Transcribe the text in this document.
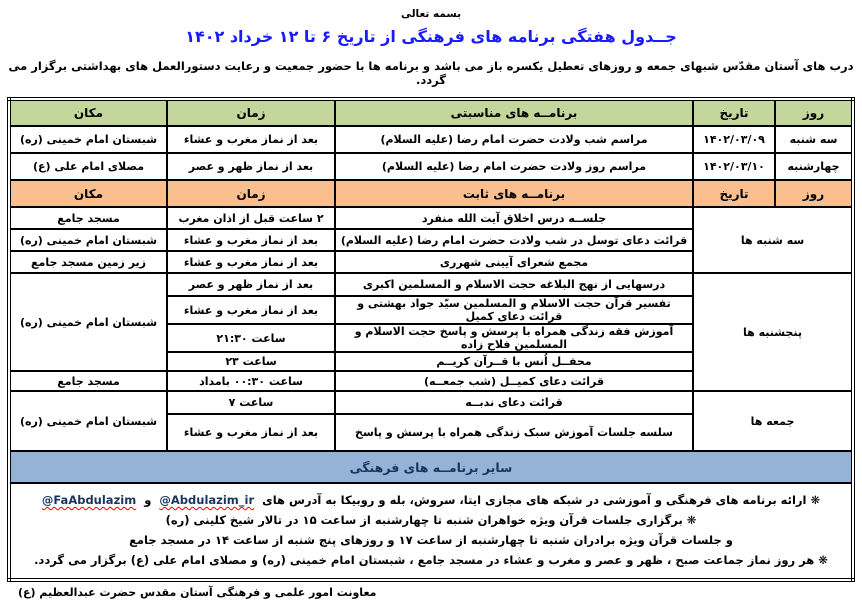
بسمه تعالی
جــدول هفتگی برنامه های فرهنگی از تاریخ ۶ تا ۱۲ خرداد ۱۴۰۲
درب های آستان مقدّس شبهای جمعه و روزهای تعطیل یکسره باز می باشد و برنامه ها با حضور جمعیت و رعایت دستورالعمل های بهداشتی برگزار می گردد.
روز	تاریخ	برنامــه های مناسبتی	زمان	مکان
سه شنبه	۱۴۰۲/۰۳/۰۹	مراسم شب ولادت حضرت امام رضا (علیه السلام)	بعد از نماز مغرب و عشاء	شبستان امام خمینی (ره)
چهارشنبه	۱۴۰۲/۰۳/۱۰	مراسم روز ولادت حضرت امام رضا (علیه السلام)	بعد از نماز ظهر و عصر	مصلای امام علی (ع)
روز	تاریخ	برنامــه های ثابت	زمان	مکان
سه شنبه ها		جلســه درس اخلاق آیت الله منفرد	۲ ساعت قبل از اذان مغرب	مسجد جامع
		قرائت دعای توسل در شب ولادت حضرت امام رضا (علیه السلام)	بعد از نماز مغرب و عشاء	شبستان امام خمینی (ره)
		مجمع شعرای آیینی شهرری	بعد از نماز مغرب و عشاء	زیر زمین مسجد جامع
پنجشنبه ها		درسهایی از نهج البلاغه حجت الاسلام و المسلمین اکبری	بعد از نماز ظهر و عصر	شبستان امام خمینی (ره)
		تفسیر قرآن حجت الاسلام و المسلمین سیّد جواد بهشتی و قرائت دعای کمیل	بعد از نماز مغرب و عشاء	
		آموزش فقه زندگی همراه با پرسش و پاسخ حجت الاسلام و المسلمین فلاح زاده	ساعت ۲۱:۳۰	
		محفــل اُنس با قــرآن کریــم	ساعت ۲۳	
		قرائت دعای کمیــل (شب جمعــه)	ساعت ۰۰:۳۰ بامداد	مسجد جامع
جمعه ها		قرائت دعای ندبــه	ساعت ۷	شبستان امام خمینی (ره)
		سلسه جلسات آموزش سبک زندگی همراه با پرسش و پاسخ	بعد از نماز مغرب و عشاء	
سایر برنامــه های فرهنگی				

❋ ارائه برنامه های فرهنگی و آموزشی در شبکه های مجازی ایتا، سروش، بله و روبیکا به آدرس های  @Abdulazim_ir  و  @FaAbdulazim
❋ برگزاری جلسات قرآن ویژه خواهران شنبه تا چهارشنبه از ساعت ۱۵ در تالار شیخ کلینی (ره)
و جلسات قرآن ویژه برادران شنبه تا چهارشنبه از ساعت ۱۷ و روزهای پنج شنبه از ساعت ۱۴ در مسجد جامع
❋ هر روز نماز جماعت صبح ، ظهر و عصر و مغرب و عشاء در مسجد جامع ، شبستان امام خمینی (ره) و مصلای امام علی (ع) برگزار می گردد.				
معاونت امور علمی و فرهنگی آستان مقدس حضرت عبدالعظیم (ع)
